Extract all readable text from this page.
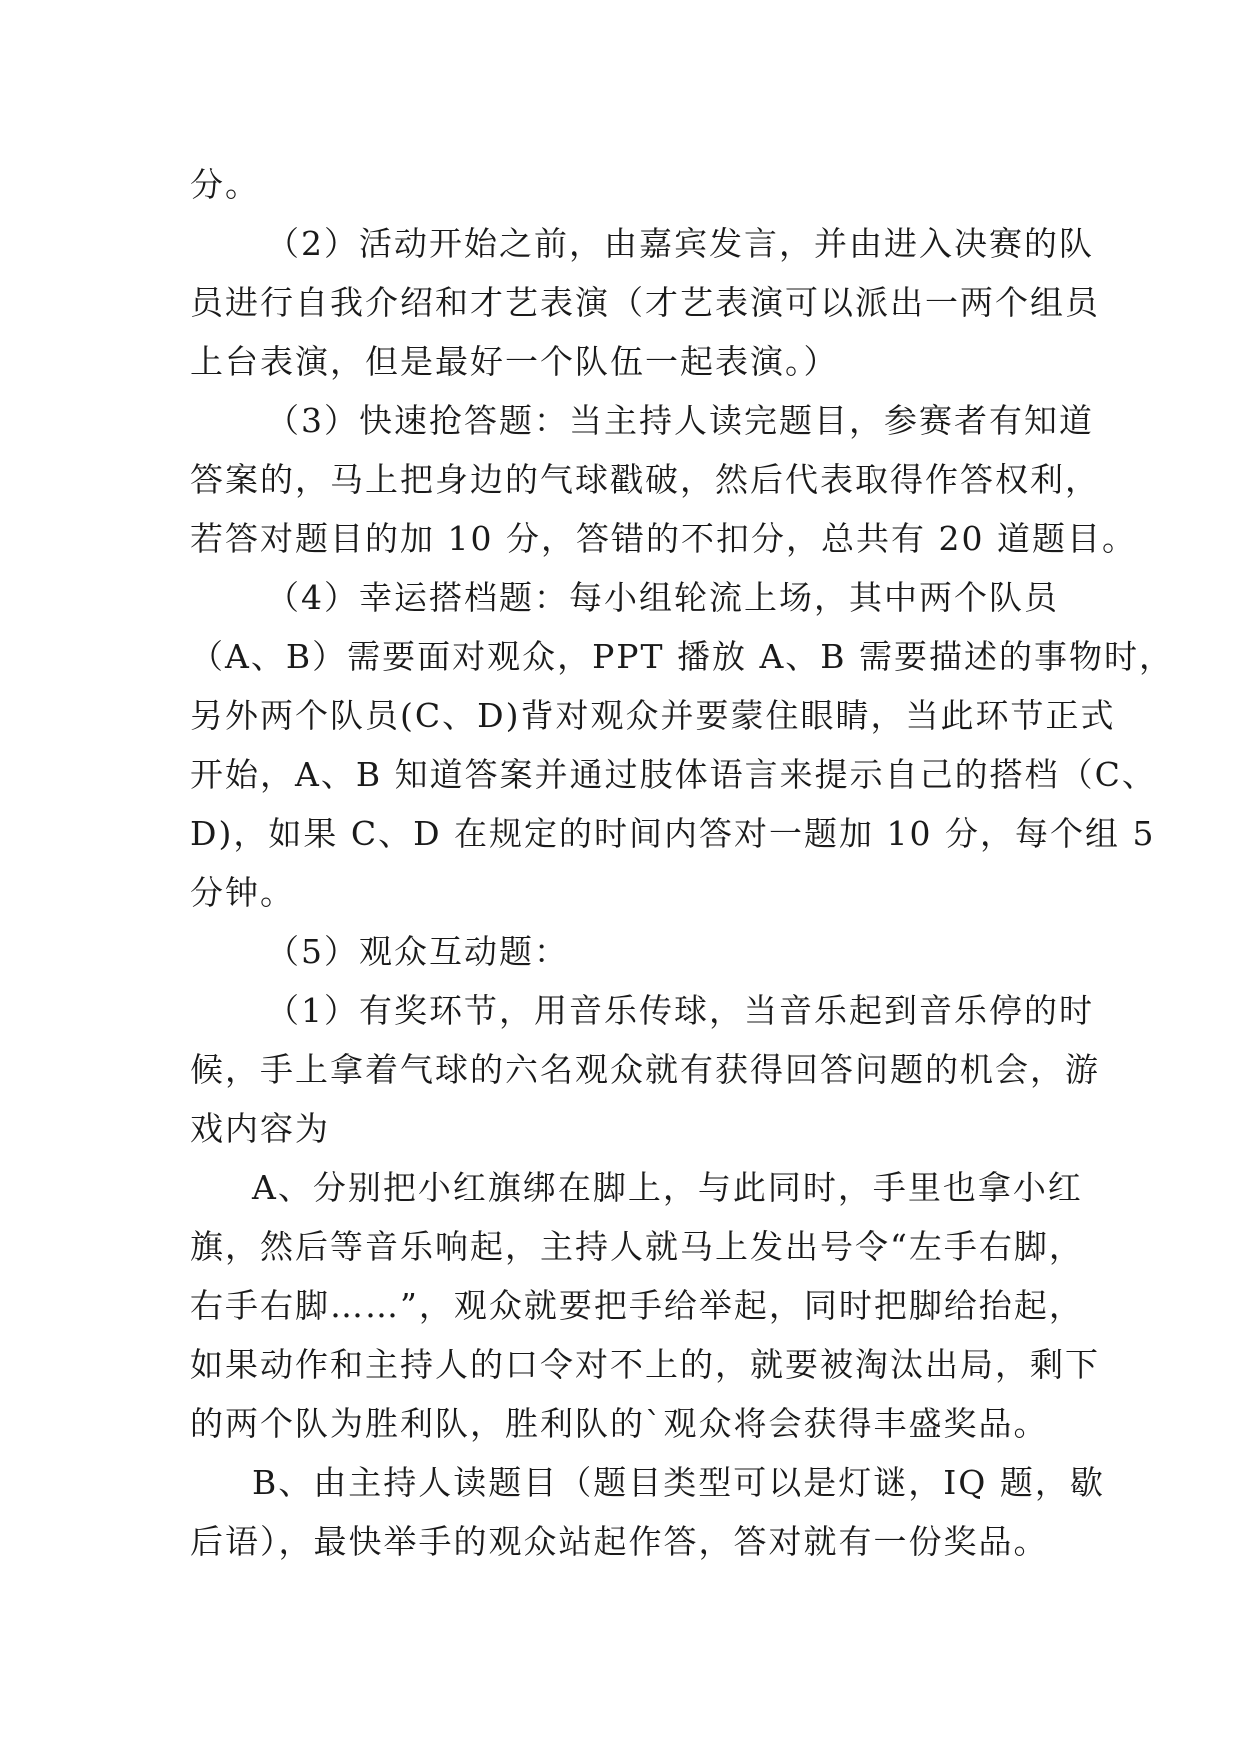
分。
（2）活动开始之前，由嘉宾发言，并由进入决赛的队
员进行自我介绍和才艺表演（才艺表演可以派出一两个组员
上台表演，但是最好一个队伍一起表演。）
（3）快速抢答题：当主持人读完题目，参赛者有知道
答案的，马上把身边的气球戳破，然后代表取得作答权利，
若答对题目的加 10 分，答错的不扣分，总共有 20 道题目。
（4）幸运搭档题：每小组轮流上场，其中两个队员
（A、B）需要面对观众，PPT 播放 A、B 需要描述的事物时，
另外两个队员(C、D)背对观众并要蒙住眼睛，当此环节正式
开始，A、B 知道答案并通过肢体语言来提示自己的搭档（C、
D)，如果 C、D 在规定的时间内答对一题加 10 分，每个组 5
分钟。
（5）观众互动题：
（1）有奖环节，用音乐传球，当音乐起到音乐停的时
候，手上拿着气球的六名观众就有获得回答问题的机会，游
戏内容为
A、分别把小红旗绑在脚上，与此同时，手里也拿小红
旗，然后等音乐响起，主持人就马上发出号令“左手右脚，
右手右脚……”，观众就要把手给举起，同时把脚给抬起，
如果动作和主持人的口令对不上的，就要被淘汰出局，剩下
的两个队为胜利队，胜利队的`观众将会获得丰盛奖品。
B、由主持人读题目（题目类型可以是灯谜，IQ 题，歇
后语），最快举手的观众站起作答，答对就有一份奖品。
